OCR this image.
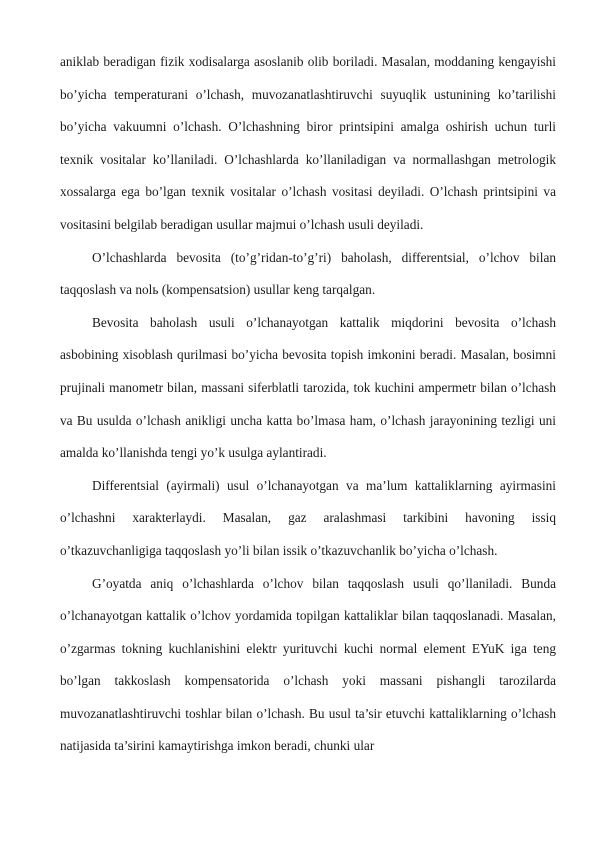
aniklab beradigan fizik xodisalarga asoslanib olib boriladi. Masalan, moddaning kengayishi bo’yicha temperaturani o’lchash, muvozanatlashtiruvchi suyuqlik ustunining ko’tarilishi bo’yicha vakuumni o’lchash. O’lchashning biror printsipini amalga oshirish uchun turli texnik vositalar ko’llaniladi. O’lchashlarda ko’llaniladigan va normallashgan metrologik xossalarga ega bo’lgan texnik vositalar o’lchash vositasi deyiladi. O’lchash printsipini va vositasini belgilab beradigan usullar majmui o’lchash usuli deyiladi.

O’lchashlarda bevosita (to’g’ridan-to’g’ri) baholash, differentsial, o’lchov bilan taqqoslash va nolь (kompensatsion) usullar keng tarqalgan.

Bevosita baholash usuli o’lchanayotgan kattalik miqdorini bevosita o’lchash asbobining xisoblash qurilmasi bo’yicha bevosita topish imkonini beradi. Masalan, bosimni prujinali manometr bilan, massani siferblatli tarozida, tok kuchini ampermetr bilan o’lchash va Bu usulda o’lchash anikligi uncha katta bo’lmasa ham, o’lchash jarayonining tezligi uni amalda ko’llanishda tengi yo’k usulga aylantiradi.

Differentsial (ayirmali) usul o’lchanayotgan va ma’lum kattaliklarning ayirmasini o’lchashni xarakterlaydi. Masalan, gaz aralashmasi tarkibini havoning issiq o’tkazuvchanligiga taqqoslash yo’li bilan issik o’tkazuvchanlik bo’yicha o’lchash.

G’oyatda aniq o’lchashlarda o’lchov bilan taqqoslash usuli qo’llaniladi. Bunda o’lchanayotgan kattalik o’lchov yordamida topilgan kattaliklar bilan taqqoslanadi. Masalan, o’zgarmas tokning kuchlanishini elektr yurituvchi kuchi normal element EYuK iga teng bo’lgan takkoslash kompensatorida o’lchash yoki massani pishangli tarozilarda muvozanatlashtiruvchi toshlar bilan o’lchash. Bu usul ta’sir etuvchi kattaliklarning o’lchash natijasida ta’sirini kamaytirishga imkon beradi, chunki ular
